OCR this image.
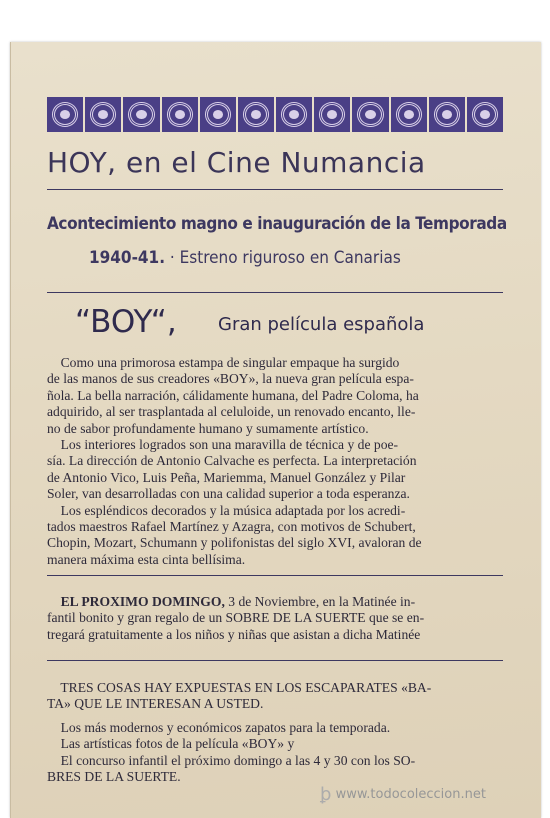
HOY, en el Cine Numancia
Acontecimiento magno e inauguración de la Temporada
1940-41. · Estreno riguroso en Canarias
“BOY“, Gran película española
Como una primorosa estampa de singular empaque ha surgido
de las manos de sus creadores «BOY», la nueva gran película espa-
ñola. La bella narración, cálidamente humana, del Padre Coloma, ha
adquirido, al ser trasplantada al celuloide, un renovado encanto, lle-
no de sabor profundamente humano y sumamente artístico.
Los interiores logrados son una maravilla de técnica y de poe-
sía. La dirección de Antonio Calvache es perfecta. La interpretación
de Antonio Vico, Luis Peña, Mariemma, Manuel González y Pilar
Soler, van desarrolladas con una calidad superior a toda esperanza.
Los espléndicos decorados y la música adaptada por los acredi-
tados maestros Rafael Martínez y Azagra, con motivos de Schubert,
Chopin, Mozart, Schumann y polifonistas del siglo XVI, avaloran de
manera máxima esta cinta bellísima.
EL PROXIMO DOMINGO, 3 de Noviembre, en la Matinée in-
fantil bonito y gran regalo de un SOBRE DE LA SUERTE que se en-
tregará gratuitamente a los niños y niñas que asistan a dicha Matinée
TRES COSAS HAY EXPUESTAS EN LOS ESCAPARATES «BA-
TA» QUE LE INTERESAN A USTED.
Los más modernos y económicos zapatos para la temporada.
Las artísticas fotos de la película «BOY» y
El concurso infantil el próximo domingo a las 4 y 30 con los SO-
BRES DE LA SUERTE.
ꝧ www.todocoleccion.net
